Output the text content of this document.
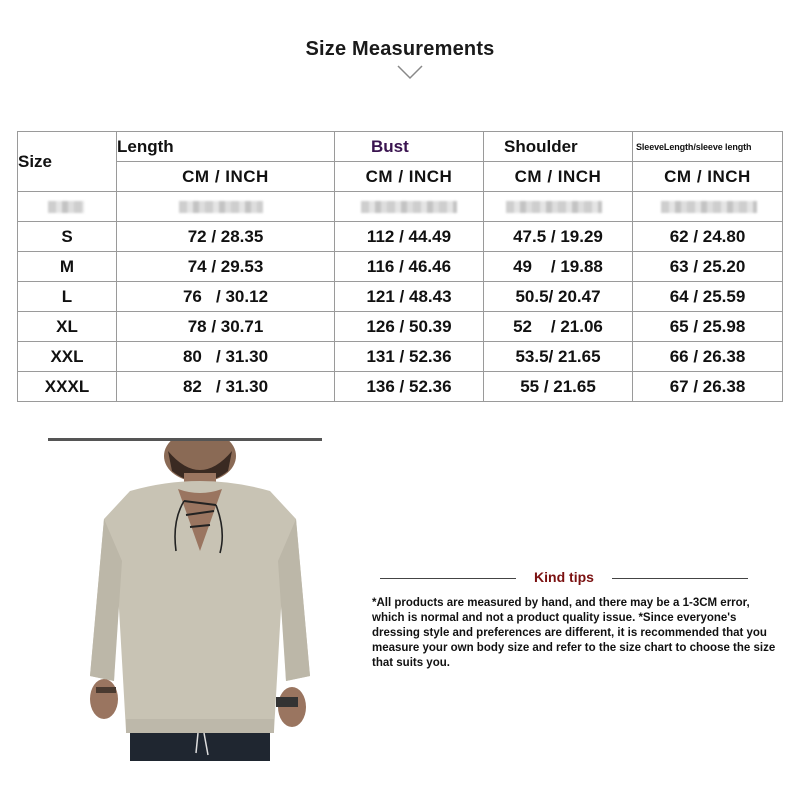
Size Measurements
Size	Length	Bust	Shoulder	SleeveLength/sleeve length
	CM / INCH	CM / INCH	CM / INCH	CM / INCH

S	72 / 28.35	112 / 44.49	47.5 / 19.29	62 / 24.80
M	74 / 29.53	116 / 46.46	49    / 19.88	63 / 25.20
L	76   / 30.12	121 / 48.43	50.5/ 20.47	64 / 25.59
XL	78 / 30.71	126 / 50.39	52    / 21.06	65 / 25.98
XXL	80   / 31.30	131 / 52.36	53.5/ 21.65	66 / 26.38
XXXL	82   / 31.30	136 / 52.36	55 / 21.65	67 / 26.38
Kind tips
*All products are measured by hand, and there may be a 1-3CM error, which is normal and not a product quality issue. *Since everyone's dressing style and preferences are different, it is recommended that you measure your own body size and refer to the size chart to choose the size that suits you.
